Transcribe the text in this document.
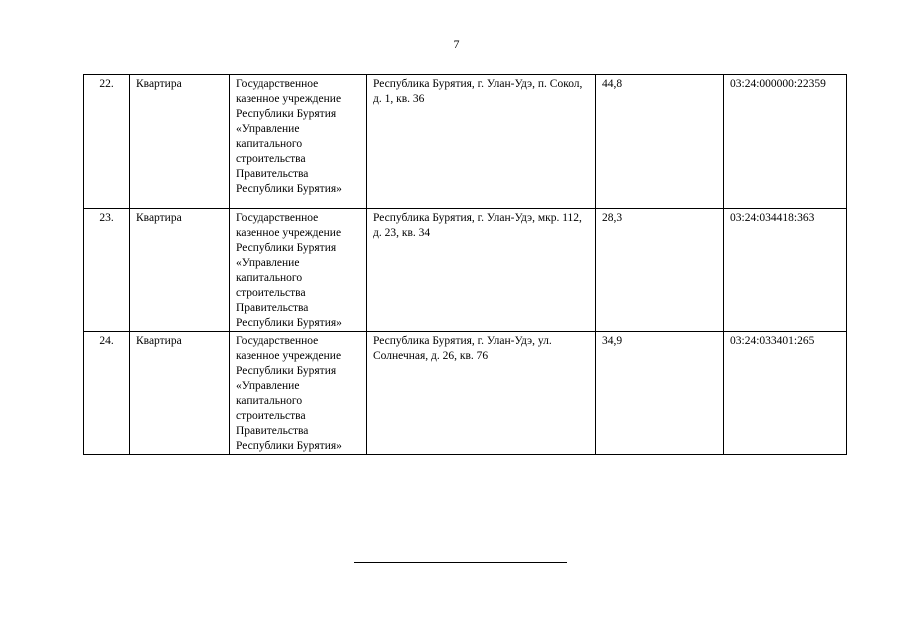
7
22.	Квартира	Государственное казенное учреждение Республики Бурятия «Управление капитального строительства Правительства Республики Бурятия»	Республика Бурятия, г. Улан-Удэ, п. Сокол, д. 1, кв. 36	44,8	03:24:000000:22359
23.	Квартира	Государственное казенное учреждение Республики Бурятия «Управление капитального строительства Правительства Республики Бурятия»	Республика Бурятия, г. Улан-Удэ, мкр. 112, д. 23, кв. 34	28,3	03:24:034418:363
24.	Квартира	Государственное казенное учреждение Республики Бурятия «Управление капитального строительства Правительства Республики Бурятия»	Республика Бурятия, г. Улан-Удэ, ул. Солнечная, д. 26, кв. 76	34,9	03:24:033401:265
